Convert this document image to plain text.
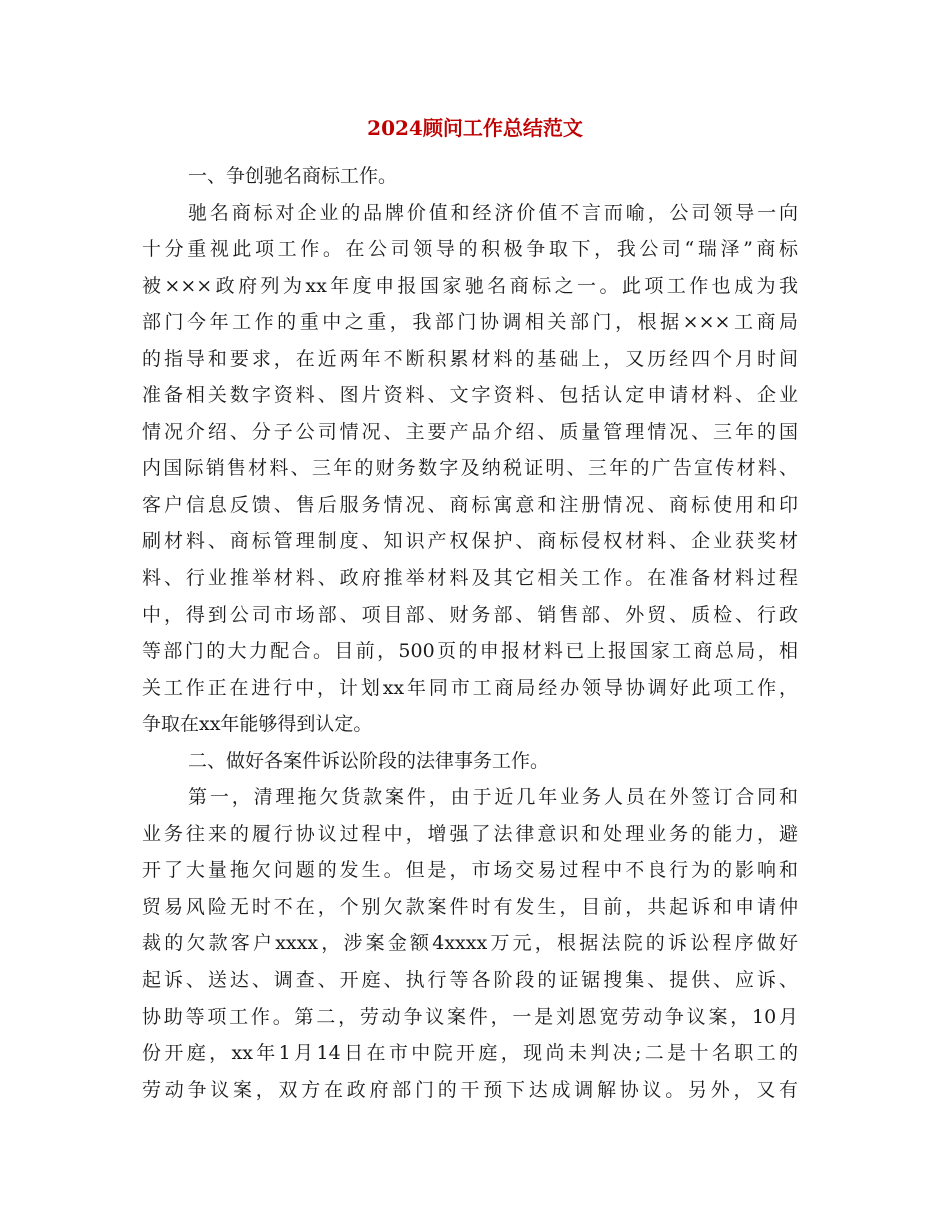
2024顾问工作总结范文
一、争创驰名商标工作。
驰名商标对企业的品牌价值和经济价值不言而喻，公司领导一向
十分重视此项工作。在公司领导的积极争取下，我公司“瑞泽”商标
被×××政府列为xx年度申报国家驰名商标之一。此项工作也成为我
部门今年工作的重中之重，我部门协调相关部门，根据×××工商局
的指导和要求，在近两年不断积累材料的基础上，又历经四个月时间
准备相关数字资料、图片资料、文字资料、包括认定申请材料、企业
情况介绍、分子公司情况、主要产品介绍、质量管理情况、三年的国
内国际销售材料、三年的财务数字及纳税证明、三年的广告宣传材料、
客户信息反馈、售后服务情况、商标寓意和注册情况、商标使用和印
刷材料、商标管理制度、知识产权保护、商标侵权材料、企业获奖材
料、行业推举材料、政府推举材料及其它相关工作。在准备材料过程
中，得到公司市场部、项目部、财务部、销售部、外贸、质检、行政
等部门的大力配合。目前，500页的申报材料已上报国家工商总局，相
关工作正在进行中，计划xx年同市工商局经办领导协调好此项工作，
争取在xx年能够得到认定。
二、做好各案件诉讼阶段的法律事务工作。
第一，清理拖欠货款案件，由于近几年业务人员在外签订合同和
业务往来的履行协议过程中，增强了法律意识和处理业务的能力，避
开了大量拖欠问题的发生。但是，市场交易过程中不良行为的影响和
贸易风险无时不在，个别欠款案件时有发生，目前，共起诉和申请仲
裁的欠款客户xxxx，涉案金额4xxxx万元，根据法院的诉讼程序做好
起诉、送达、调查、开庭、执行等各阶段的证锯搜集、提供、应诉、
协助等项工作。第二，劳动争议案件，一是刘恩宽劳动争议案，10月
份开庭，xx年1月14日在市中院开庭，现尚未判决;二是十名职工的
劳动争议案，双方在政府部门的干预下达成调解协议。另外，又有
